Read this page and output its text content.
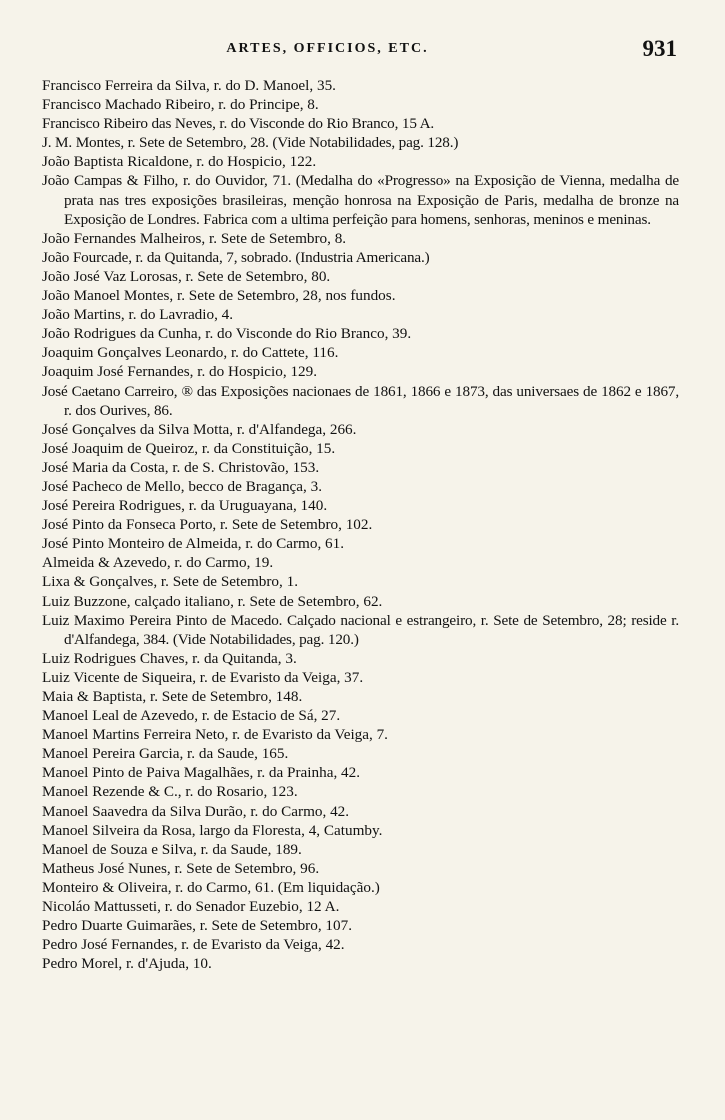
ARTES, OFFICIOS, ETC.	931

Francisco Ferreira da Silva, r. do D. Manoel, 35.

Francisco Machado Ribeiro, r. do Principe, 8.

Francisco Ribeiro das Neves, r. do Visconde do Rio Branco, 15 A.

J. M. Montes, r. Sete de Setembro, 28. (Vide Notabilidades, pag. 128.)

João Baptista Ricaldone, r. do Hospicio, 122.

João Campas & Filho, r. do Ouvidor, 71. (Medalha do «Progresso» na Exposição de Vienna, medalha de prata nas tres exposições brasileiras, menção honrosa na Exposição de Paris, medalha de bronze na Exposição de Londres. Fabrica com a ultima perfeição para homens, senhoras, meninos e meninas.

João Fernandes Malheiros, r. Sete de Setembro, 8.

João Fourcade, r. da Quitanda, 7, sobrado. (Industria Americana.)

João José Vaz Lorosas, r. Sete de Setembro, 80.

João Manoel Montes, r. Sete de Setembro, 28, nos fundos.

João Martins, r. do Lavradio, 4.

João Rodrigues da Cunha, r. do Visconde do Rio Branco, 39.

Joaquim Gonçalves Leonardo, r. do Cattete, 116.

Joaquim José Fernandes, r. do Hospicio, 129.

José Caetano Carreiro, ® das Exposições nacionaes de 1861, 1866 e 1873, das universaes de 1862 e 1867, r. dos Ourives, 86.

José Gonçalves da Silva Motta, r. d'Alfandega, 266.

José Joaquim de Queiroz, r. da Constituição, 15.

José Maria da Costa, r. de S. Christovão, 153.

José Pacheco de Mello, becco de Bragança, 3.

José Pereira Rodrigues, r. da Uruguayana, 140.

José Pinto da Fonseca Porto, r. Sete de Setembro, 102.

José Pinto Monteiro de Almeida, r. do Carmo, 61.

Almeida & Azevedo, r. do Carmo, 19.

Lixa & Gonçalves, r. Sete de Setembro, 1.

Luiz Buzzone, calçado italiano, r. Sete de Setembro, 62.

Luiz Maximo Pereira Pinto de Macedo. Calçado nacional e estrangeiro, r. Sete de Setembro, 28; reside r. d'Alfandega, 384. (Vide Notabilidades, pag. 120.)

Luiz Rodrigues Chaves, r. da Quitanda, 3.

Luiz Vicente de Siqueira, r. de Evaristo da Veiga, 37.

Maia & Baptista, r. Sete de Setembro, 148.

Manoel Leal de Azevedo, r. de Estacio de Sá, 27.

Manoel Martins Ferreira Neto, r. de Evaristo da Veiga, 7.

Manoel Pereira Garcia, r. da Saude, 165.

Manoel Pinto de Paiva Magalhães, r. da Prainha, 42.

Manoel Rezende & C., r. do Rosario, 123.

Manoel Saavedra da Silva Durão, r. do Carmo, 42.

Manoel Silveira da Rosa, largo da Floresta, 4, Catumby.

Manoel de Souza e Silva, r. da Saude, 189.

Matheus José Nunes, r. Sete de Setembro, 96.

Monteiro & Oliveira, r. do Carmo, 61. (Em liquidação.)

Nicoláo Mattusseti, r. do Senador Euzebio, 12 A.

Pedro Duarte Guimarães, r. Sete de Setembro, 107.

Pedro José Fernandes, r. de Evaristo da Veiga, 42.

Pedro Morel, r. d'Ajuda, 10.
